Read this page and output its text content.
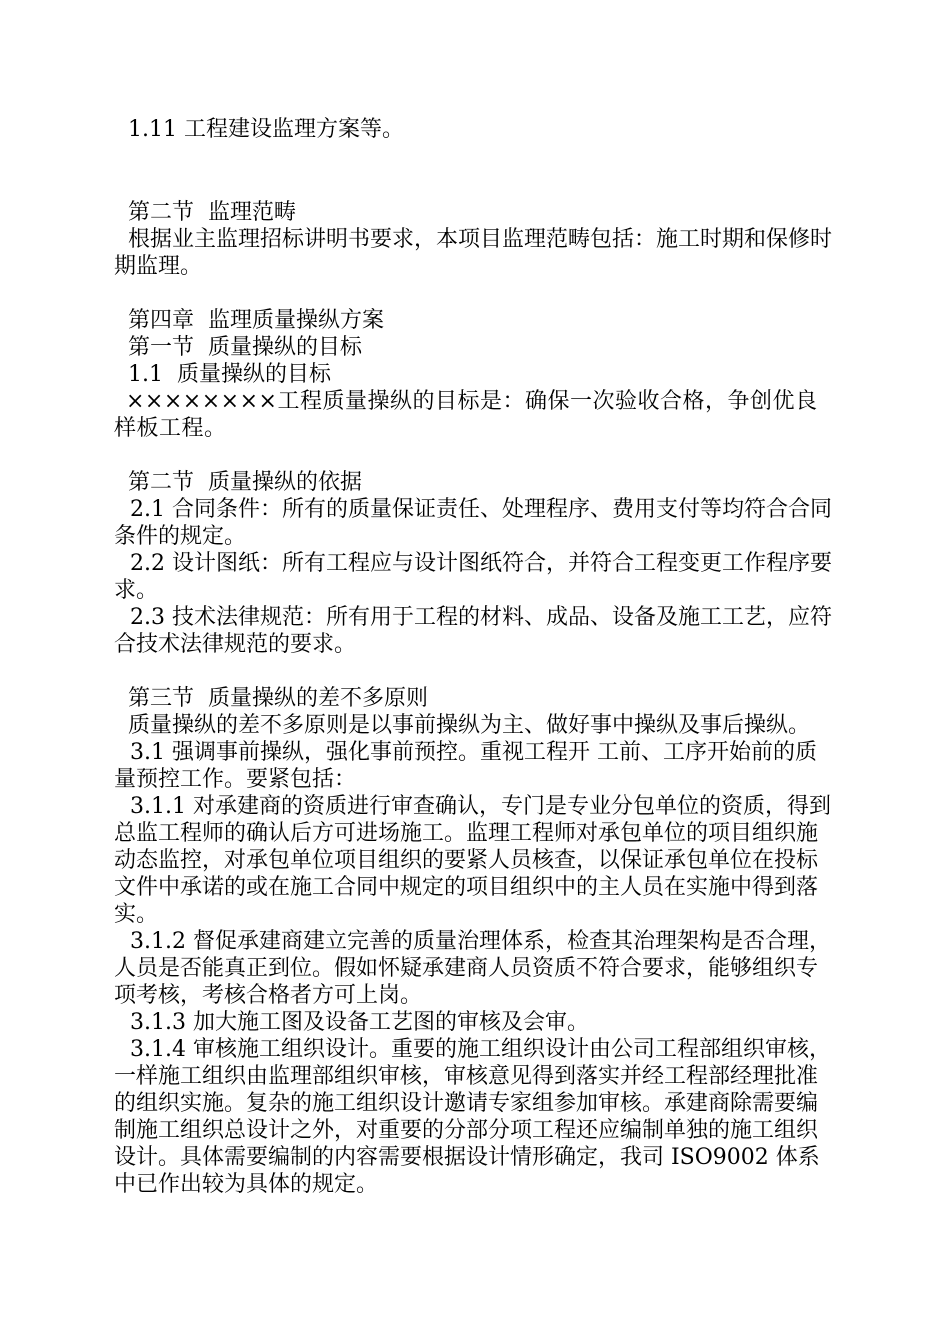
1.11 工程建设监理方案等。

第二节  监理范畴

根据业主监理招标讲明书要求，本项目监理范畴包括：施工时期和保修时期监理。

第四章  监理质量操纵方案

第一节  质量操纵的目标

1.1  质量操纵的目标

××××××××工程质量操纵的目标是：确保一次验收合格，争创优良样板工程。

第二节  质量操纵的依据

2.1 合同条件：所有的质量保证责任、处理程序、费用支付等均符合合同条件的规定。

2.2 设计图纸：所有工程应与设计图纸符合，并符合工程变更工作程序要求。

2.3 技术法律规范：所有用于工程的材料、成品、设备及施工工艺，应符合技术法律规范的要求。

第三节  质量操纵的差不多原则

质量操纵的差不多原则是以事前操纵为主、做好事中操纵及事后操纵。

3.1 强调事前操纵，强化事前预控。重视工程开 工前、工序开始前的质量预控工作。要紧包括：

3.1.1 对承建商的资质进行审查确认，专门是专业分包单位的资质，得到总监工程师的确认后方可进场施工。监理工程师对承包单位的项目组织施动态监控，对承包单位项目组织的要紧人员核查，以保证承包单位在投标文件中承诺的或在施工合同中规定的项目组织中的主人员在实施中得到落实。

3.1.2 督促承建商建立完善的质量治理体系，检查其治理架构是否合理，人员是否能真正到位。假如怀疑承建商人员资质不符合要求，能够组织专项考核，考核合格者方可上岗。

3.1.3 加大施工图及设备工艺图的审核及会审。

3.1.4 审核施工组织设计。重要的施工组织设计由公司工程部组织审核，一样施工组织由监理部组织审核，审核意见得到落实并经工程部经理批准的组织实施。复杂的施工组织设计邀请专家组参加审核。承建商除需要编制施工组织总设计之外，对重要的分部分项工程还应编制单独的施工组织设计。具体需要编制的内容需要根据设计情形确定，我司 ISO9002 体系中已作出较为具体的规定。
